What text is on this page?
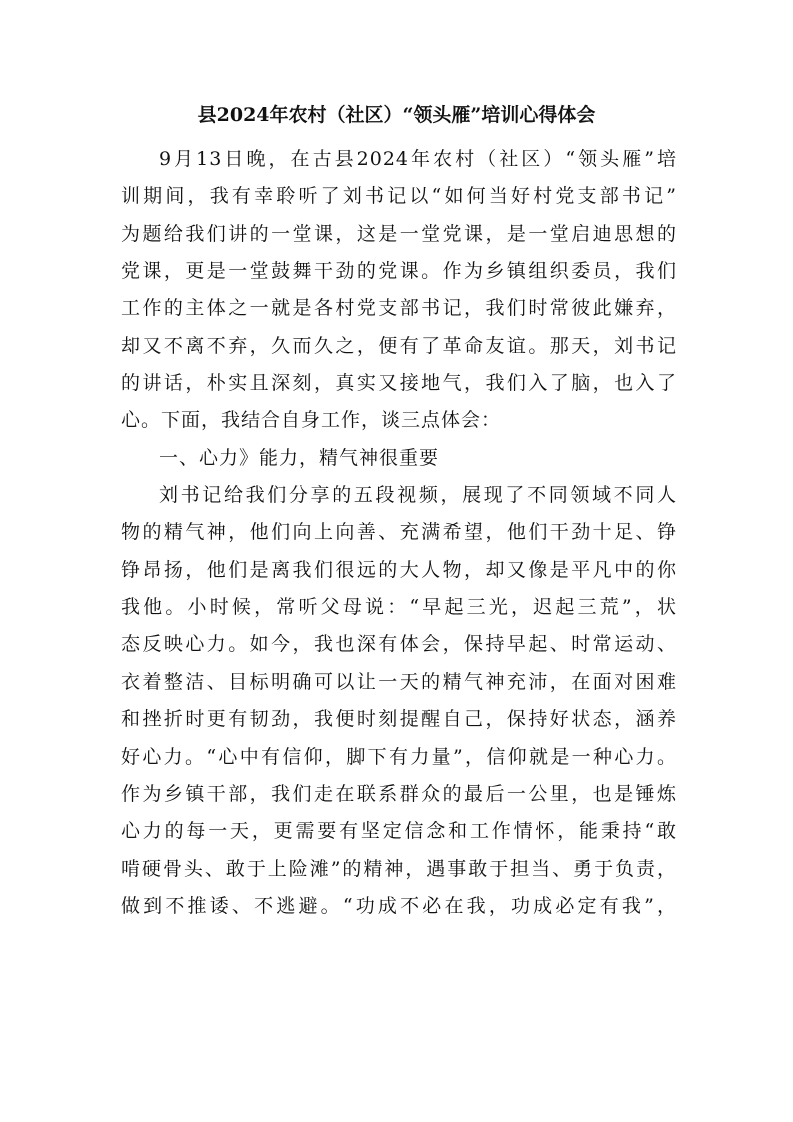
县2024年农村（社区）“领头雁”培训心得体会

9月13日晚，在古县2024年农村（社区）“领头雁”培

训期间，我有幸聆听了刘书记以“如何当好村党支部书记”

为题给我们讲的一堂课，这是一堂党课，是一堂启迪思想的

党课，更是一堂鼓舞干劲的党课。作为乡镇组织委员，我们

工作的主体之一就是各村党支部书记，我们时常彼此嫌弃，

却又不离不弃，久而久之，便有了革命友谊。那天，刘书记

的讲话，朴实且深刻，真实又接地气，我们入了脑，也入了

心。下面，我结合自身工作，谈三点体会：

一、心力》能力，精气神很重要

刘书记给我们分享的五段视频，展现了不同领域不同人

物的精气神，他们向上向善、充满希望，他们干劲十足、铮

铮昂扬，他们是离我们很远的大人物，却又像是平凡中的你

我他。小时候，常听父母说：“早起三光，迟起三荒”，状

态反映心力。如今，我也深有体会，保持早起、时常运动、

衣着整洁、目标明确可以让一天的精气神充沛，在面对困难

和挫折时更有韧劲，我便时刻提醒自己，保持好状态，涵养

好心力。“心中有信仰，脚下有力量”，信仰就是一种心力。

作为乡镇干部，我们走在联系群众的最后一公里，也是锤炼

心力的每一天，更需要有坚定信念和工作情怀，能秉持“敢

啃硬骨头、敢于上险滩”的精神，遇事敢于担当、勇于负责，

做到不推诿、不逃避。“功成不必在我，功成必定有我”，
